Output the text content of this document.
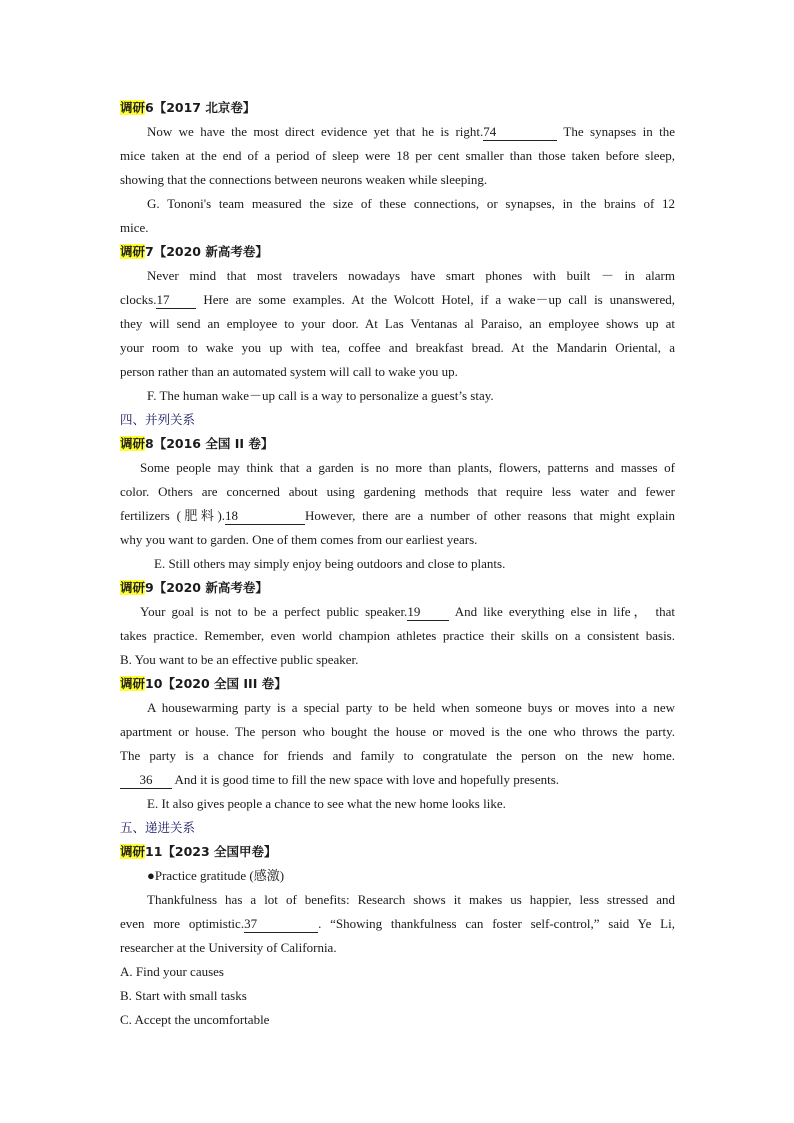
调研6【2017 北京卷】
Now we have the most direct evidence yet that he is right.74	The synapses in the
mice taken at the end of a period of sleep were 18 per cent smaller than those taken before sleep,
showing that the connections between neurons weaken while sleeping.
G. Tononi's team measured the size of these connections, or synapses, in the brains of 12
mice.
调研7【2020 新高考卷】
Never mind that most travelers nowadays have smart phones with built － in alarm
clocks.17 Here are some examples. At the Wolcott Hotel, if a wake－up call is unanswered,
they will send an employee to your door. At Las Ventanas al Paraiso, an employee shows up at
your room to wake you up with tea, coffee and breakfast bread. At the Mandarin Oriental, a
person rather than an automated system will call to wake you up.
F. The human wake－up call is a way to personalize a guest’s stay.
四、并列关系
调研8【2016 全国 II 卷】
Some people may think that a garden is no more than plants, flowers, patterns and masses of
color. Others are concerned about using gardening methods that require less water and fewer
fertilizers (肥料).18	However, there are a number of other reasons that might explain
why you want to garden. One of them comes from our earliest years.
E. Still others may simply enjoy being outdoors and close to plants.
调研9【2020 新高考卷】
Your goal is not to be a perfect public speaker.19 And like everything else in life， that
takes practice. Remember, even world champion athletes practice their skills on a consistent basis.
B. You want to be an effective public speaker.
调研10【2020 全国 III 卷】
A housewarming party is a special party to be held when someone buys or moves into a new
apartment or house. The person who bought the house or moved is the one who throws the party.
The party is a chance for friends and family to congratulate the person on the new home.
36 And it is good time to fill the new space with love and hopefully presents.
E. It also gives people a chance to see what the new home looks like.
五、递进关系
调研11【2023 全国甲卷】
●Practice gratitude (感激)
Thankfulness has a lot of benefits: Research shows it makes us happier, less stressed and
even more optimistic.37	. “Showing thankfulness can foster self-control,” said Ye Li,
researcher at the University of California.
A. Find your causes
B. Start with small tasks
C. Accept the uncomfortable
